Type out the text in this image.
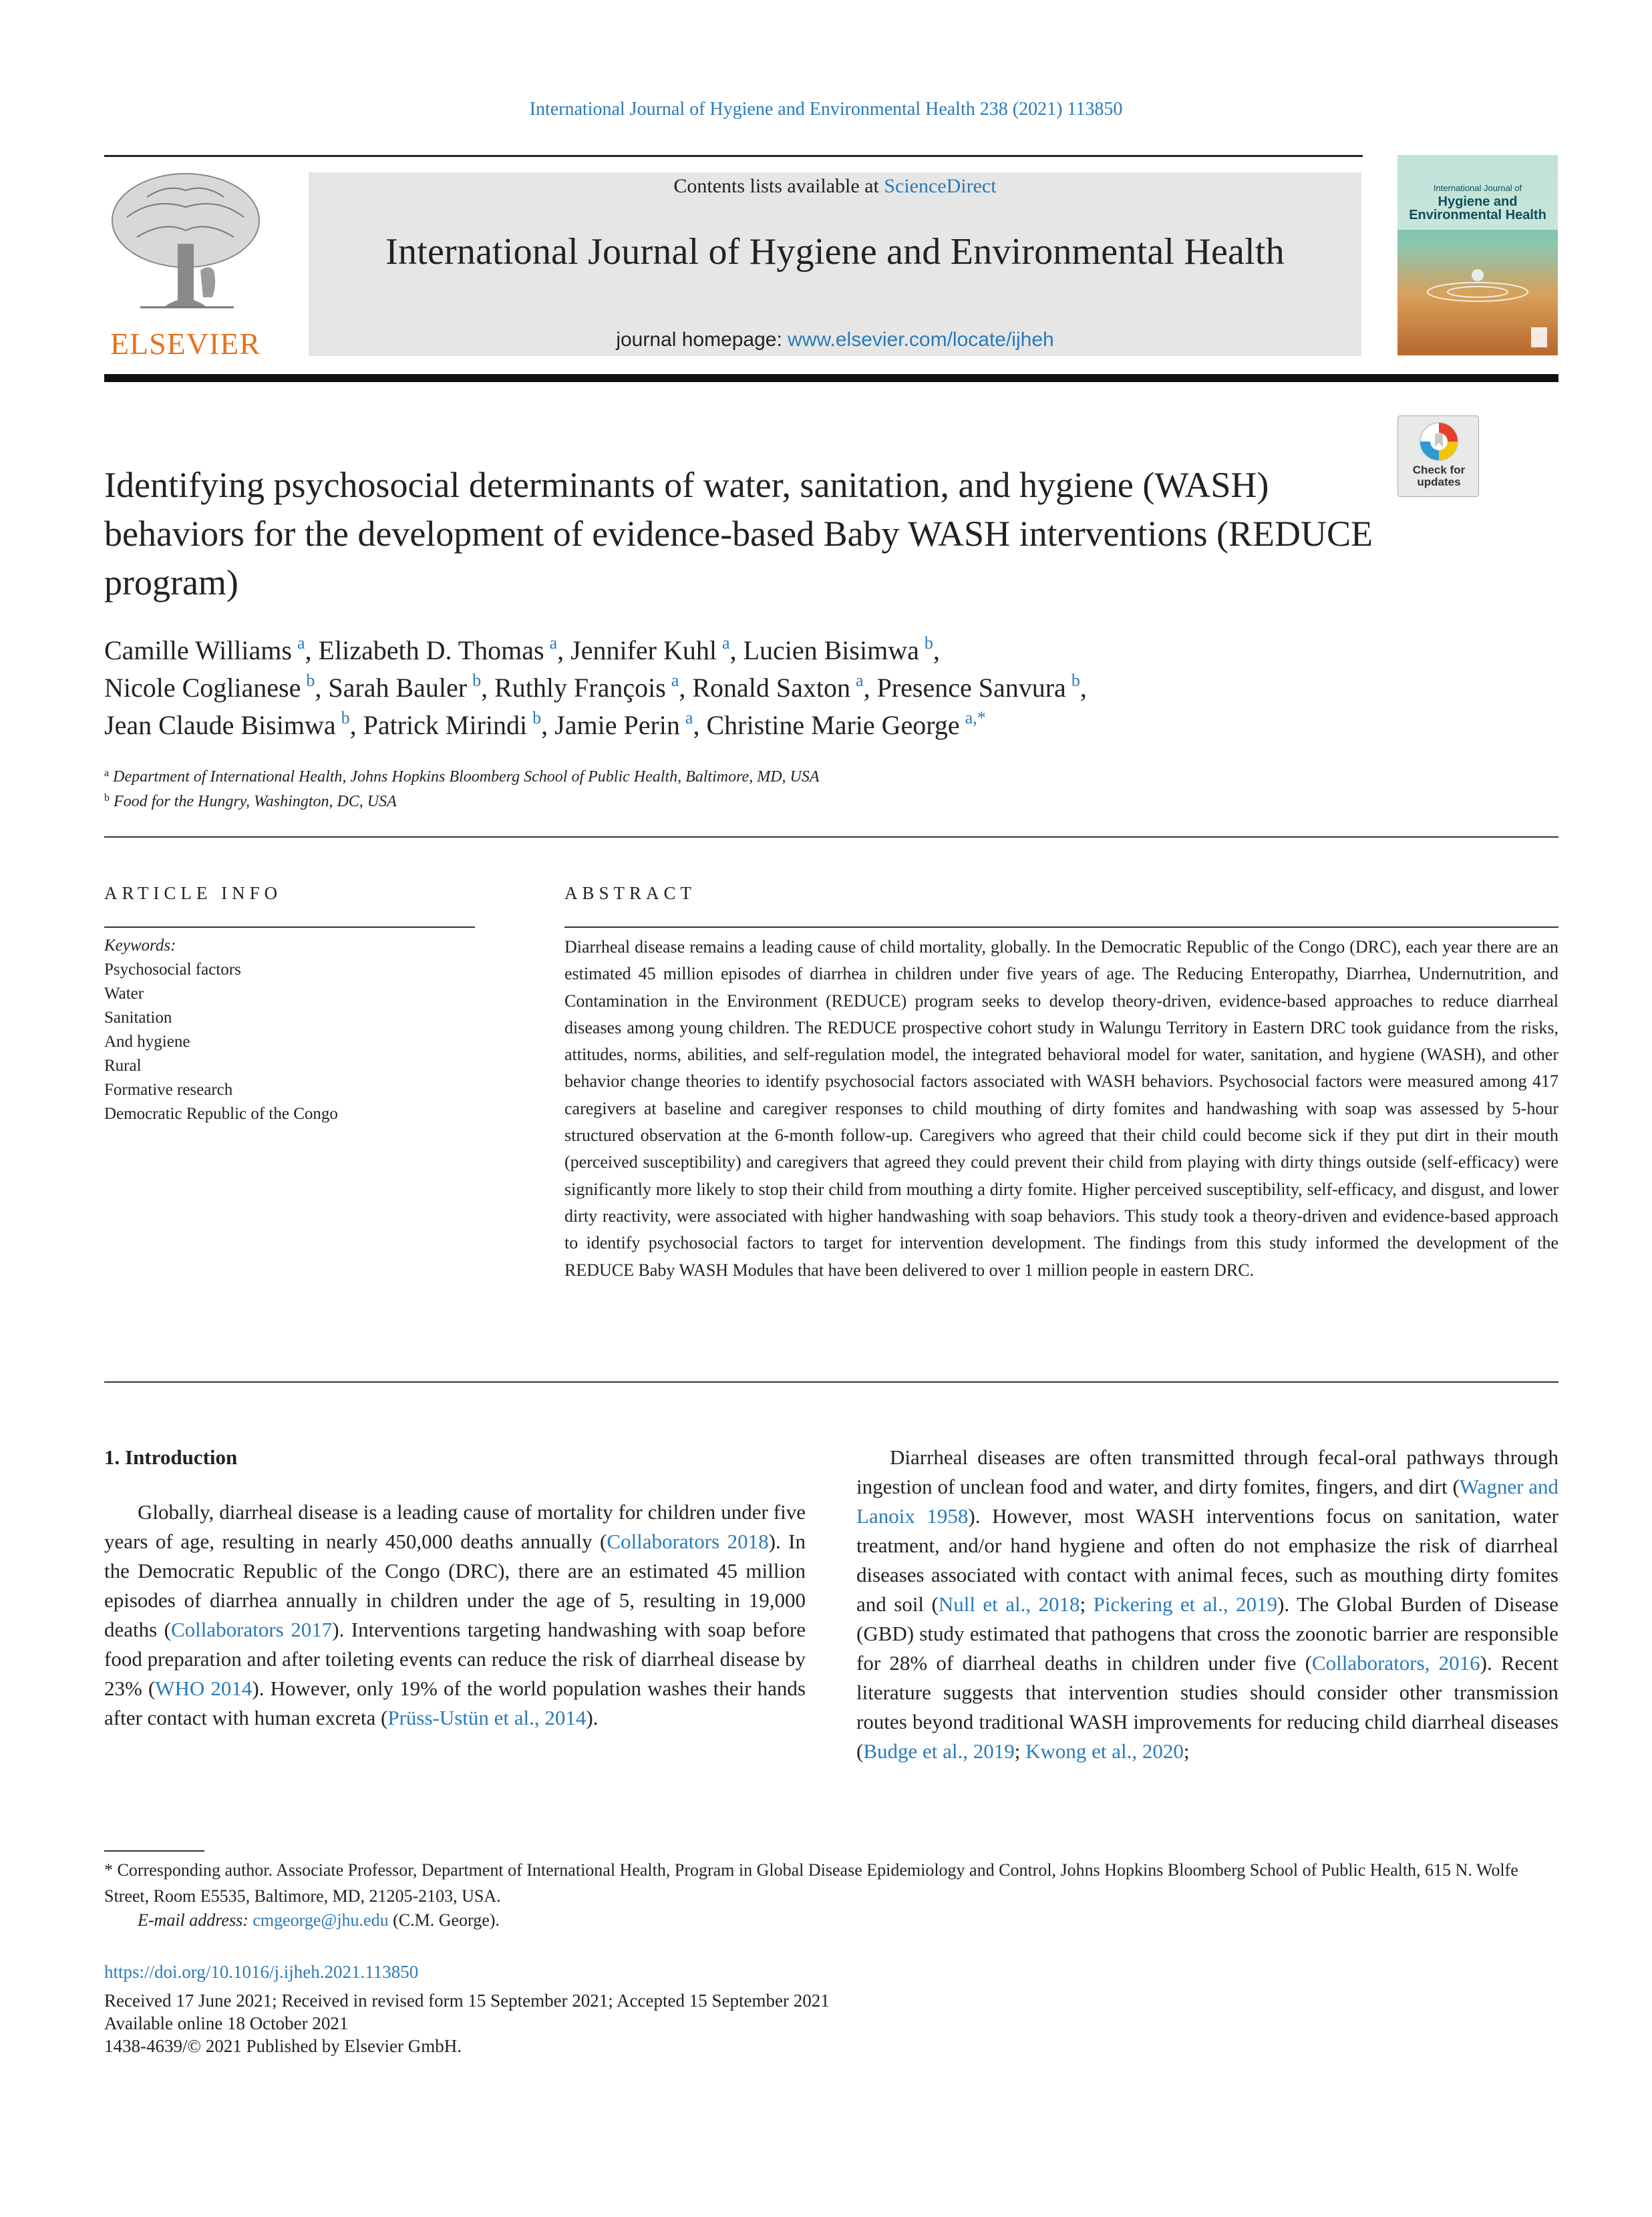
International Journal of Hygiene and Environmental Health 238 (2021) 113850
ELSEVIER
Contents lists available at ScienceDirect
International Journal of Hygiene and Environmental Health
journal homepage: www.elsevier.com/locate/ijheh
International Journal of
Hygiene and
Environmental Health
Check for
updates
Identifying psychosocial determinants of water, sanitation, and hygiene (WASH) behaviors for the development of evidence-based Baby WASH interventions (REDUCE program)
Camille Williams  $^a$, Elizabeth D. Thomas  $^a$, Jennifer Kuhl  $^a$, Lucien Bisimwa  $^b$,
Nicole Coglianese  $^b$, Sarah Bauler  $^b$, Ruthly François  $^a$, Ronald Saxton  $^a$, Presence Sanvura  $^b$,
Jean Claude Bisimwa  $^b$, Patrick Mirindi  $^b$, Jamie Perin  $^a$, Christine Marie George  $^{a,*}$
$^a$ Department of International Health, Johns Hopkins Bloomberg School of Public Health, Baltimore, MD, USA
$^b$ Food for the Hungry, Washington, DC, USA
ARTICLE INFO	ABSTRACT
Keywords:
Psychosocial factors
Water
Sanitation
And hygiene
Rural
Formative research
Democratic Republic of the Congo

Diarrheal disease remains a leading cause of child mortality, globally. In the Democratic Republic of the Congo (DRC), each year there are an estimated 45 million episodes of diarrhea in children under five years of age. The Reducing Enteropathy, Diarrhea, Undernutrition, and Contamination in the Environment (REDUCE) program seeks to develop theory-driven, evidence-based approaches to reduce diarrheal diseases among young children. The REDUCE prospective cohort study in Walungu Territory in Eastern DRC took guidance from the risks, attitudes, norms, abilities, and self-regulation model, the integrated behavioral model for water, sanitation, and hygiene (WASH), and other behavior change theories to identify psychosocial factors associated with WASH behaviors. Psychosocial factors were measured among 417 caregivers at baseline and caregiver responses to child mouthing of dirty fomites and handwashing with soap was assessed by 5-hour structured observation at the 6-month follow-up. Caregivers who agreed that their child could become sick if they put dirt in their mouth (perceived susceptibility) and caregivers that agreed they could prevent their child from playing with dirty things outside (self-efficacy) were significantly more likely to stop their child from mouthing a dirty fomite. Higher perceived susceptibility, self-efficacy, and disgust, and lower dirty reactivity, were associated with higher handwashing with soap behaviors. This study took a theory-driven and evidence-based approach to identify psychosocial factors to target for intervention development. The findings from this study informed the development of the REDUCE Baby WASH Modules that have been delivered to over 1 million people in eastern DRC.

1. Introduction

Globally, diarrheal disease is a leading cause of mortality for children under five years of age, resulting in nearly 450,000 deaths annually (Collaborators 2018). In the Democratic Republic of the Congo (DRC), there are an estimated 45 million episodes of diarrhea annually in children under the age of 5, resulting in 19,000 deaths (Collaborators 2017). Interventions targeting handwashing with soap before food preparation and after toileting events can reduce the risk of diarrheal disease by 23% (WHO 2014). However, only 19% of the world population washes their hands after contact with human excreta (Prüss-Ustün et al., 2014).

Diarrheal diseases are often transmitted through fecal-oral pathways through ingestion of unclean food and water, and dirty fomites, fingers, and dirt (Wagner and Lanoix 1958). However, most WASH interventions focus on sanitation, water treatment, and/or hand hygiene and often do not emphasize the risk of diarrheal diseases associated with contact with animal feces, such as mouthing dirty fomites and soil (Null et al., 2018; Pickering et al., 2019). The Global Burden of Disease (GBD) study estimated that pathogens that cross the zoonotic barrier are responsible for 28% of diarrheal deaths in children under five (Collaborators, 2016). Recent literature suggests that intervention studies should consider other transmission routes beyond traditional WASH improvements for reducing child diarrheal diseases (Budge et al., 2019; Kwong et al., 2020;

* Corresponding author. Associate Professor, Department of International Health, Program in Global Disease Epidemiology and Control, Johns Hopkins Bloomberg School of Public Health, 615 N. Wolfe Street, Room E5535, Baltimore, MD, 21205-2103, USA.

E-mail address: cmgeorge@jhu.edu (C.M. George).
https://doi.org/10.1016/j.ijheh.2021.113850
Received 17 June 2021; Received in revised form 15 September 2021; Accepted 15 September 2021
Available online 18 October 2021
1438-4639/© 2021 Published by Elsevier GmbH.
